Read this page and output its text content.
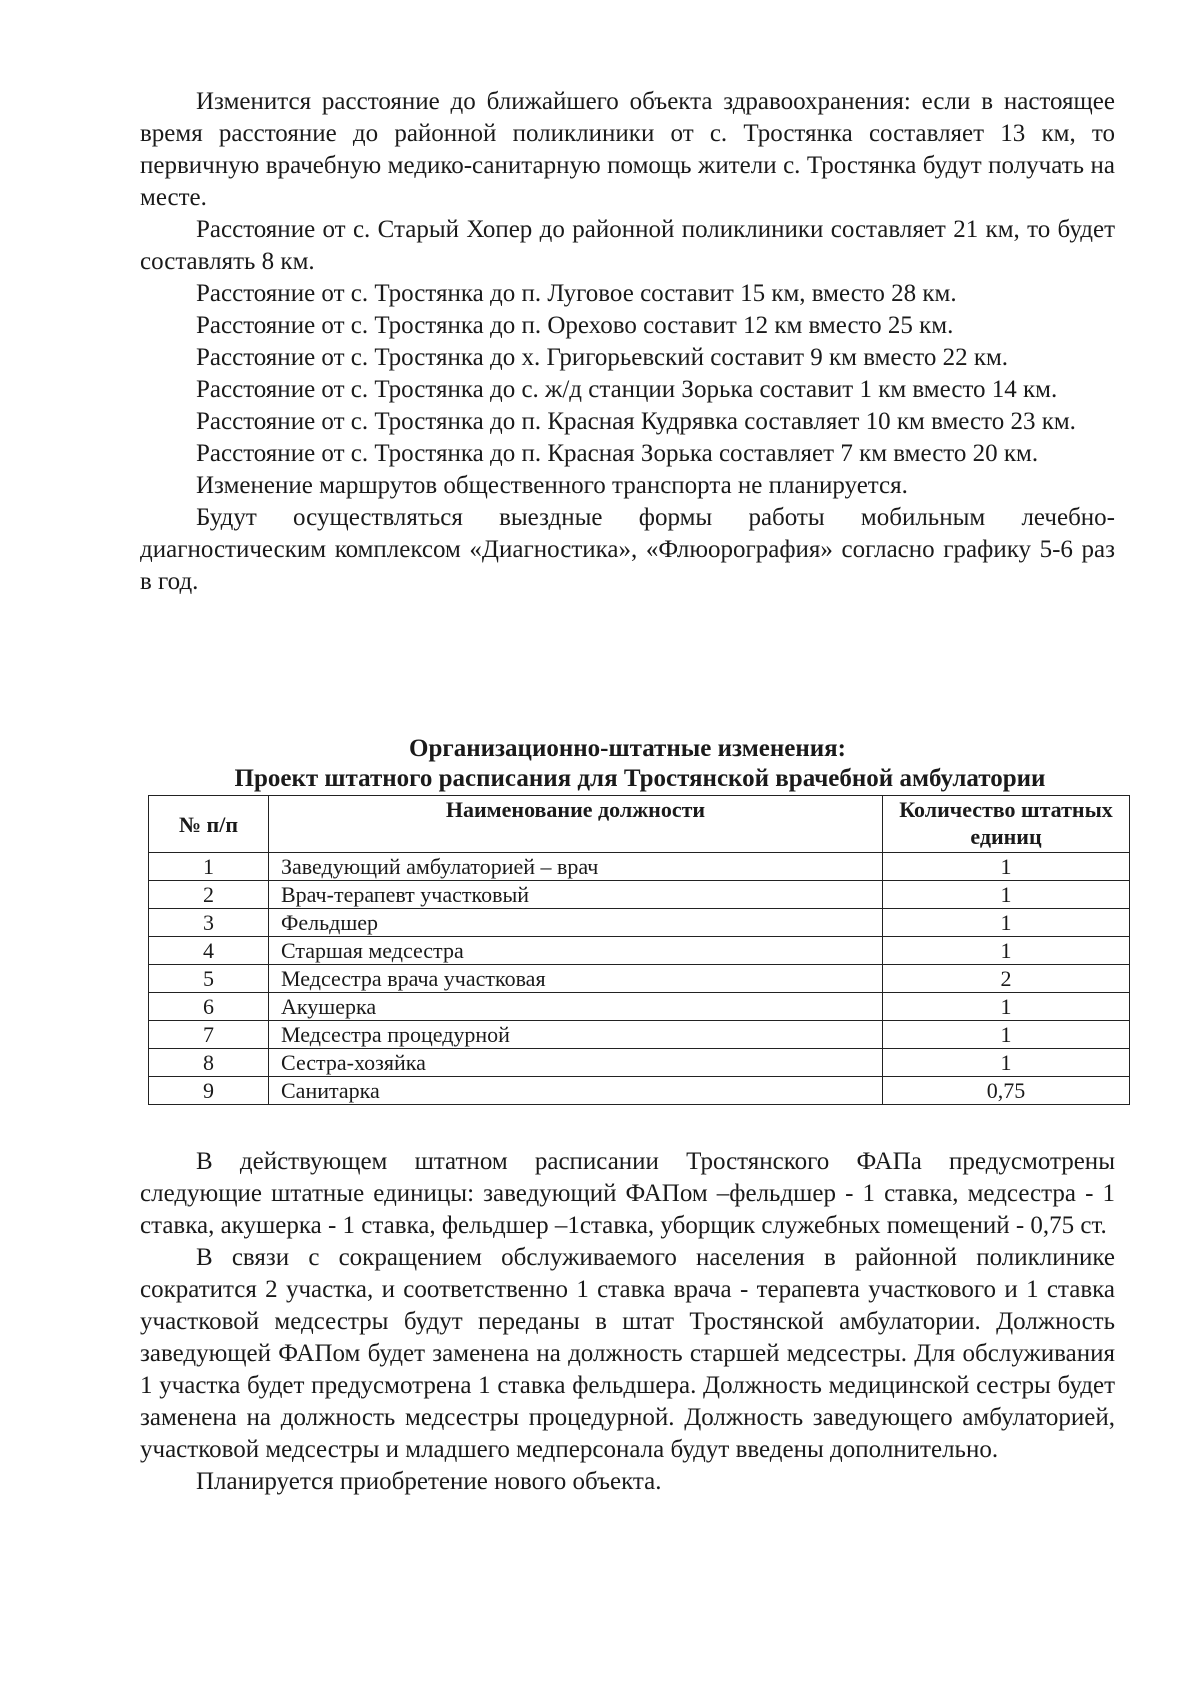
Изменится расстояние до ближайшего объекта здравоохранения: если в настоящее время расстояние до районной поликлиники от с. Тростянка составляет 13 км, то первичную врачебную медико-санитарную помощь жители с. Тростянка будут получать на месте.

Расстояние от с. Старый Хопер до районной поликлиники составляет 21 км, то будет составлять 8 км.

Расстояние от с. Тростянка до п. Луговое составит 15 км, вместо 28 км.

Расстояние от с. Тростянка до п. Орехово составит 12 км вместо 25 км.

Расстояние от с. Тростянка до х. Григорьевский составит 9 км вместо 22 км.

Расстояние от с. Тростянка до с. ж/д станции Зорька составит 1 км вместо 14 км.

Расстояние от с. Тростянка до п. Красная Кудрявка составляет 10 км вместо 23 км.

Расстояние от с. Тростянка до п. Красная Зорька составляет 7 км вместо 20 км.

Изменение маршрутов общественного транспорта не планируется.

Будут осуществляться выездные формы работы мобильным лечебно-диагностическим комплексом «Диагностика», «Флюорография» согласно графику 5-6 раз в год.

Организационно-штатные изменения:

Проект штатного расписания для Тростянской врачебной амбулатории

№ п/п	Наименование должности	Количество штатных единиц
1	Заведующий амбулаторией – врач	1
2	Врач-терапевт участковый	1
3	Фельдшер	1
4	Старшая медсестра	1
5	Медсестра врача участковая	2
6	Акушерка	1
7	Медсестра процедурной	1
8	Сестра-хозяйка	1
9	Санитарка	0,75

В действующем штатном расписании Тростянского ФАПа предусмотрены следующие штатные единицы: заведующий ФАПом –фельдшер - 1 ставка, медсестра - 1 ставка, акушерка - 1 ставка, фельдшер –1ставка, уборщик служебных помещений - 0,75 ст.

В связи с сокращением обслуживаемого населения в районной поликлинике сократится 2 участка, и соответственно 1 ставка врача - терапевта участкового и 1 ставка участковой медсестры будут переданы в штат Тростянской амбулатории. Должность заведующей ФАПом будет заменена на должность старшей медсестры. Для обслуживания 1 участка будет предусмотрена 1 ставка фельдшера. Должность медицинской сестры будет заменена на должность медсестры процедурной. Должность заведующего амбулаторией, участковой медсестры и младшего медперсонала будут введены дополнительно.

Планируется приобретение нового объекта.
